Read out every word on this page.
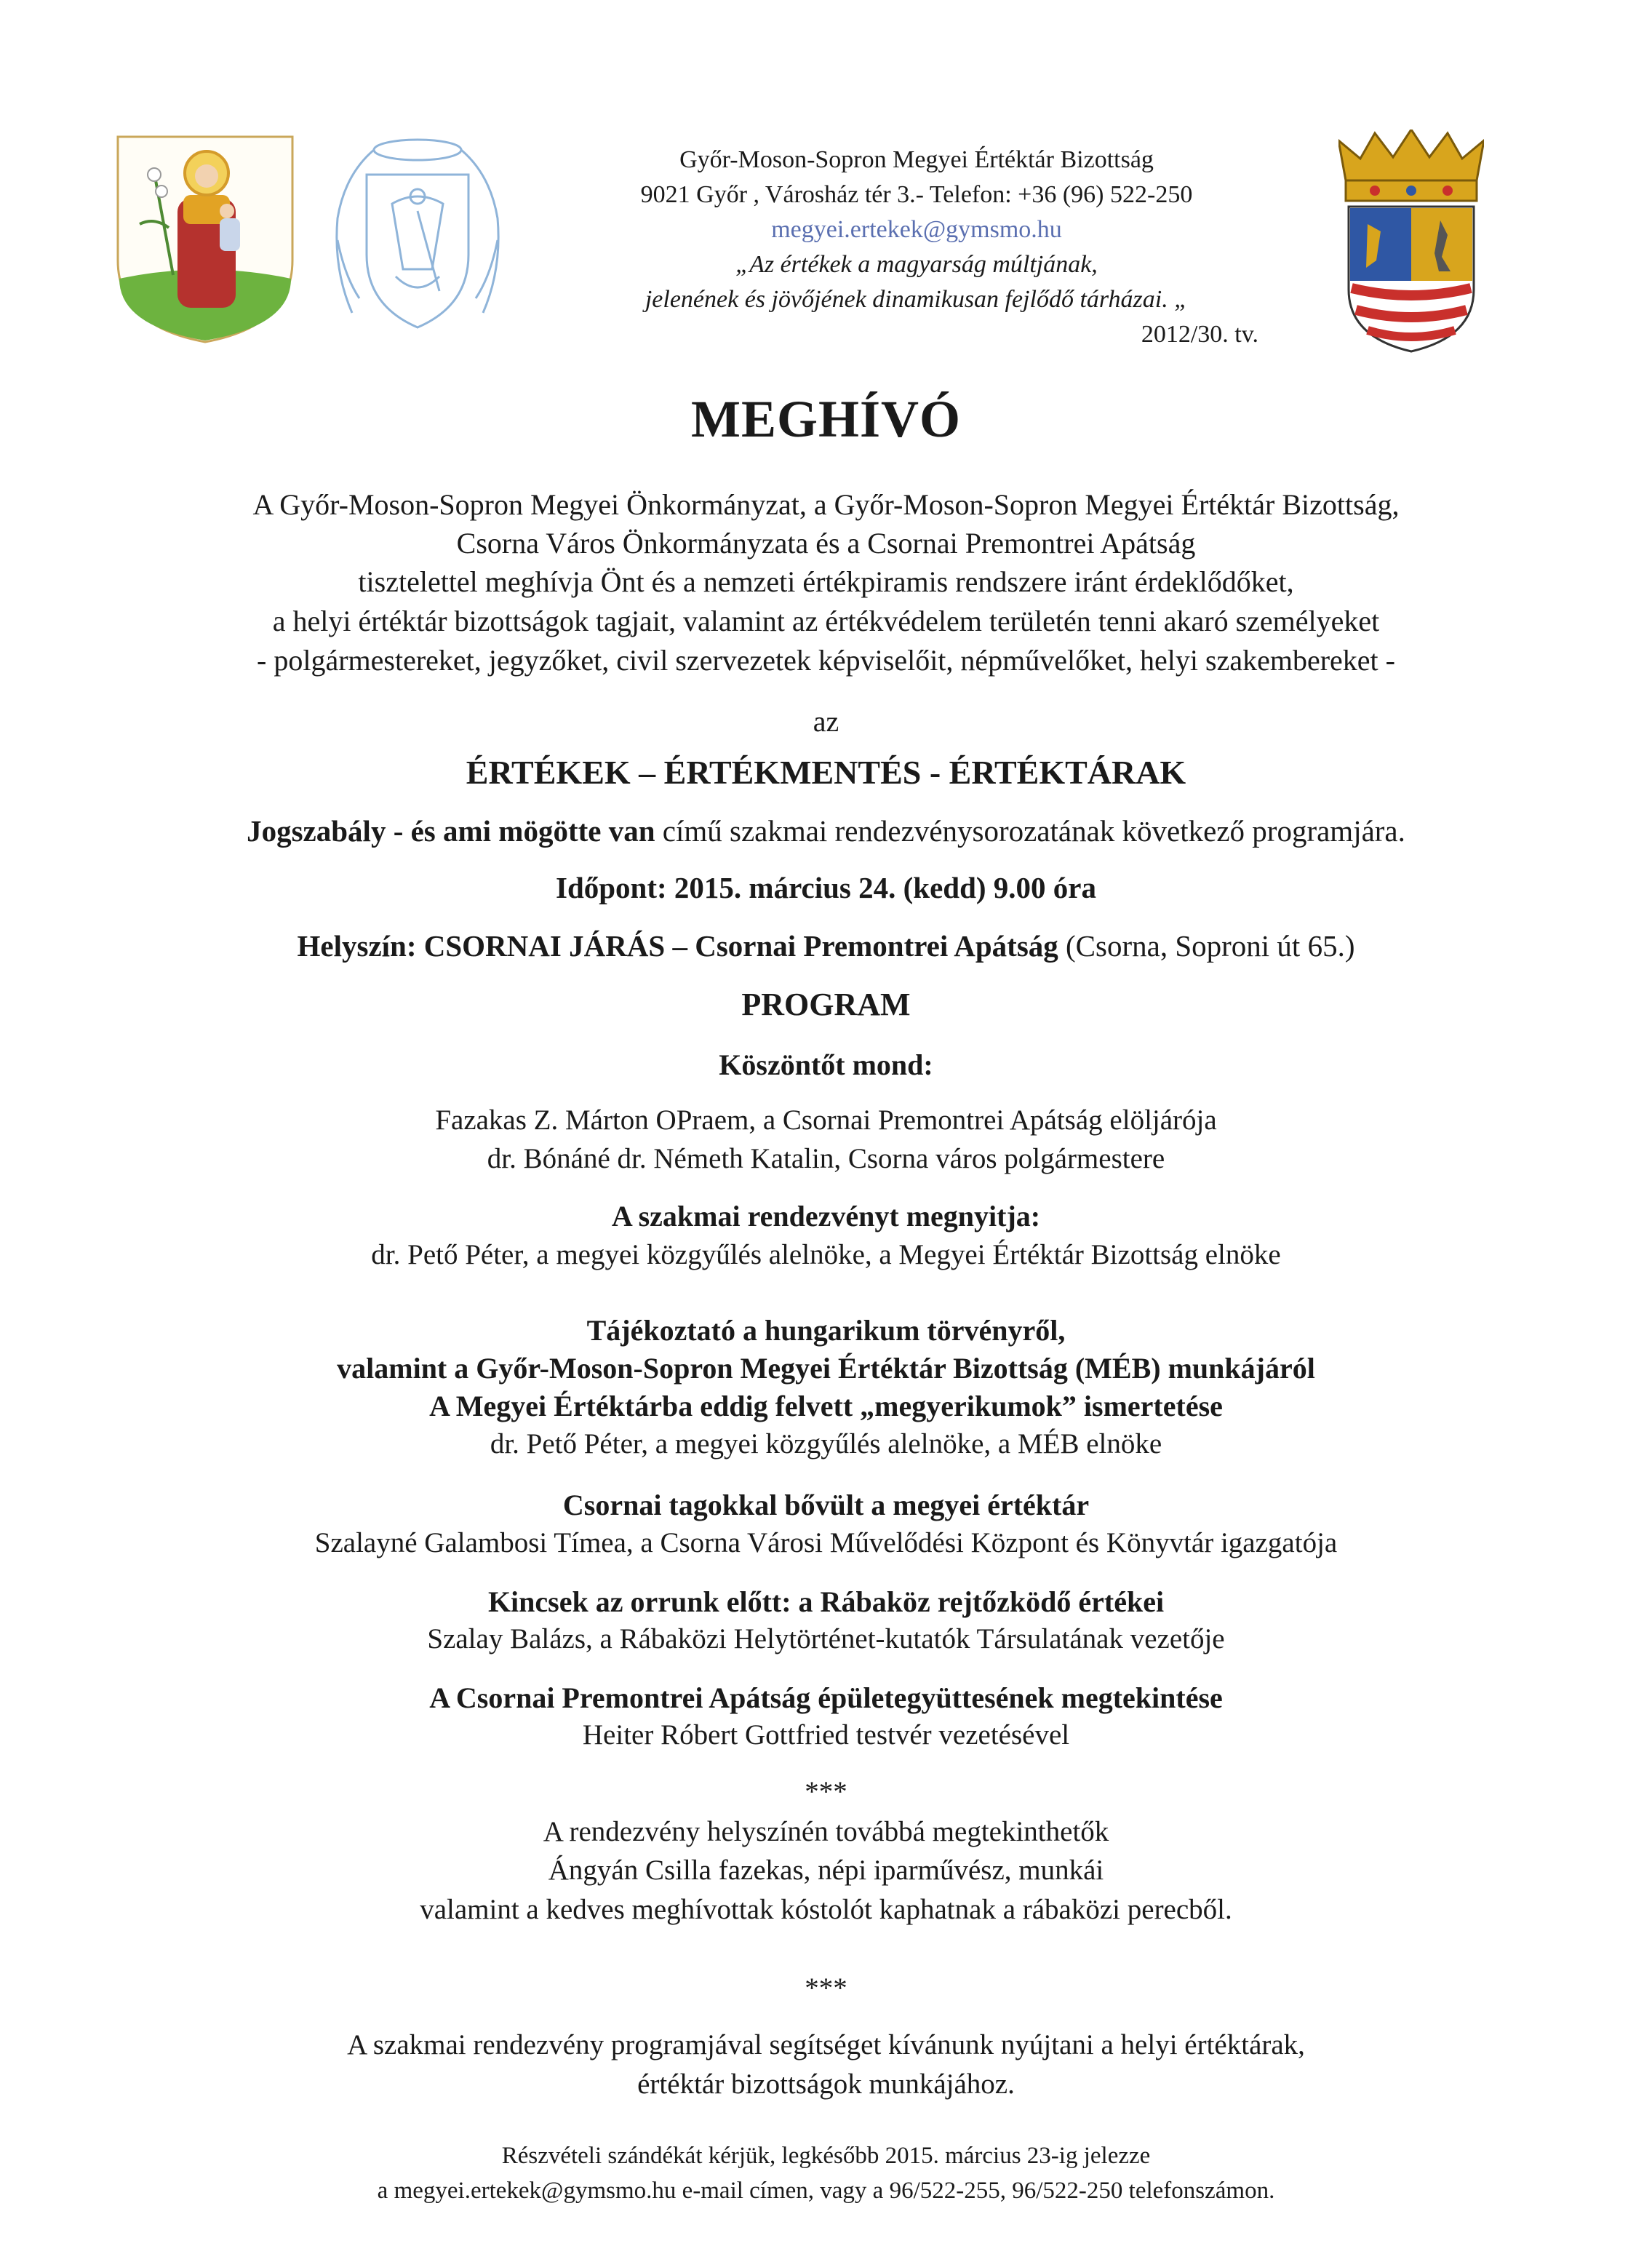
Győr-Moson-Sopron Megyei Értéktár Bizottság
9021 Győr , Városház tér 3.- Telefon: +36 (96) 522-250
megyei.ertekek@gymsmo.hu
„Az értékek a magyarság múltjának,
jelenének és jövőjének dinamikusan fejlődő tárházai. „
2012/30. tv.
MEGHÍVÓ
A Győr-Moson-Sopron Megyei Önkormányzat, a Győr-Moson-Sopron Megyei Értéktár Bizottság,
Csorna Város Önkormányzata és a Csornai Premontrei Apátság
tisztelettel meghívja Önt és a nemzeti értékpiramis rendszere iránt érdeklődőket,
a helyi értéktár bizottságok tagjait, valamint az értékvédelem területén tenni akaró személyeket
- polgármestereket, jegyzőket, civil szervezetek képviselőit, népművelőket, helyi szakembereket -
az
ÉRTÉKEK – ÉRTÉKMENTÉS - ÉRTÉKTÁRAK
Jogszabály - és ami mögötte van című szakmai rendezvénysorozatának következő programjára.
Időpont: 2015. március 24. (kedd) 9.00 óra
Helyszín: CSORNAI JÁRÁS – Csornai Premontrei Apátság (Csorna, Soproni út 65.)
PROGRAM
Köszöntőt mond:
Fazakas Z. Márton OPraem, a Csornai Premontrei Apátság elöljárója
dr. Bónáné dr. Németh Katalin, Csorna város polgármestere
A szakmai rendezvényt megnyitja:
dr. Pető Péter, a megyei közgyűlés alelnöke, a Megyei Értéktár Bizottság elnöke
Tájékoztató a hungarikum törvényről,
valamint a Győr-Moson-Sopron Megyei Értéktár Bizottság (MÉB) munkájáról
A Megyei Értéktárba eddig felvett „megyerikumok” ismertetése
dr. Pető Péter, a megyei közgyűlés alelnöke, a MÉB elnöke
Csornai tagokkal bővült a megyei értéktár
Szalayné Galambosi Tímea, a Csorna Városi Művelődési Központ és Könyvtár igazgatója
Kincsek az orrunk előtt: a Rábaköz rejtőzködő értékei
Szalay Balázs, a Rábaközi Helytörténet-kutatók Társulatának vezetője
A Csornai Premontrei Apátság épületegyüttesének megtekintése
Heiter Róbert Gottfried testvér vezetésével
***
A rendezvény helyszínén továbbá megtekinthetők
Ángyán Csilla fazekas, népi iparművész, munkái
valamint a kedves meghívottak kóstolót kaphatnak a rábaközi perecből.
***
A szakmai rendezvény programjával segítséget kívánunk nyújtani a helyi értéktárak,
értéktár bizottságok munkájához.
Részvételi szándékát kérjük, legkésőbb 2015. március 23-ig jelezze
a megyei.ertekek@gymsmo.hu e-mail címen, vagy a 96/522-255, 96/522-250 telefonszámon.
